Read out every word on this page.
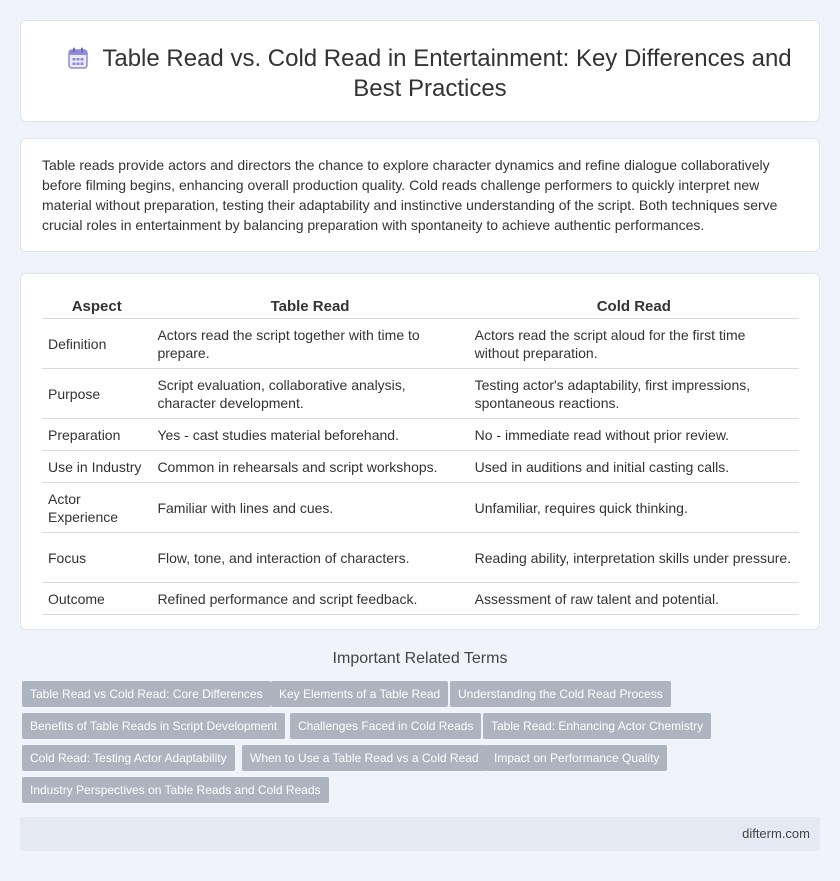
Table Read vs. Cold Read in Entertainment: Key Differences and Best Practices
Table reads provide actors and directors the chance to explore character dynamics and refine dialogue collaboratively before filming begins, enhancing overall production quality. Cold reads challenge performers to quickly interpret new material without preparation, testing their adaptability and instinctive understanding of the script. Both techniques serve crucial roles in entertainment by balancing preparation with spontaneity to achieve authentic performances.
Aspect	Table Read	Cold Read
Definition	Actors read the script together with time to prepare.	Actors read the script aloud for the first time without preparation.
Purpose	Script evaluation, collaborative analysis, character development.	Testing actor's adaptability, first impressions, spontaneous reactions.
Preparation	Yes - cast studies material beforehand.	No - immediate read without prior review.
Use in Industry	Common in rehearsals and script workshops.	Used in auditions and initial casting calls.
Actor Experience	Familiar with lines and cues.	Unfamiliar, requires quick thinking.
Focus	Flow, tone, and interaction of characters.	Reading ability, interpretation skills under pressure.
Outcome	Refined performance and script feedback.	Assessment of raw talent and potential.
Important Related Terms
Table Read vs Cold Read: Core Differences	Key Elements of a Table Read	Understanding the Cold Read Process
Benefits of Table Reads in Script Development	Challenges Faced in Cold Reads	Table Read: Enhancing Actor Chemistry
Cold Read: Testing Actor Adaptability	When to Use a Table Read vs a Cold Read	Impact on Performance Quality
Industry Perspectives on Table Reads and Cold Reads
difterm.com
